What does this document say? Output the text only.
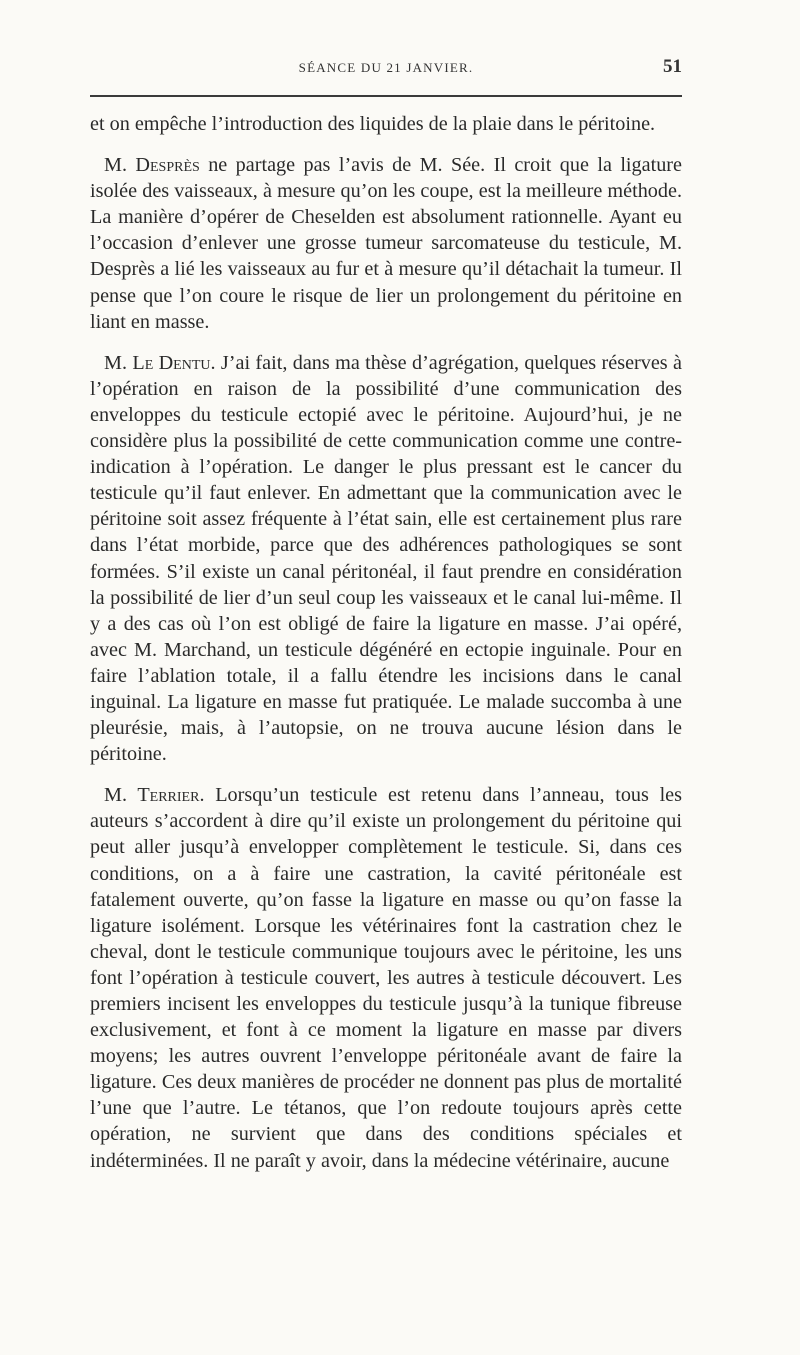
SÉANCE DU 21 JANVIER.	51

et on empêche l’introduction des liquides de la plaie dans le péritoine.

M. Desprès ne partage pas l’avis de M. Sée. Il croit que la ligature isolée des vaisseaux, à mesure qu’on les coupe, est la meilleure méthode. La manière d’opérer de Cheselden est absolument rationnelle. Ayant eu l’occasion d’enlever une grosse tumeur sarcomateuse du testicule, M. Desprès a lié les vaisseaux au fur et à mesure qu’il détachait la tumeur. Il pense que l’on coure le risque de lier un prolongement du péritoine en liant en masse.

M. Le Dentu. J’ai fait, dans ma thèse d’agrégation, quelques réserves à l’opération en raison de la possibilité d’une communication des enveloppes du testicule ectopié avec le péritoine. Aujourd’hui, je ne considère plus la possibilité de cette communication comme une contre-indication à l’opération. Le danger le plus pressant est le cancer du testicule qu’il faut enlever. En admettant que la communication avec le péritoine soit assez fréquente à l’état sain, elle est certainement plus rare dans l’état morbide, parce que des adhérences pathologiques se sont formées. S’il existe un canal péritonéal, il faut prendre en considération la possibilité de lier d’un seul coup les vaisseaux et le canal lui-même. Il y a des cas où l’on est obligé de faire la ligature en masse. J’ai opéré, avec M. Marchand, un testicule dégénéré en ectopie inguinale. Pour en faire l’ablation totale, il a fallu étendre les incisions dans le canal inguinal. La ligature en masse fut pratiquée. Le malade succomba à une pleurésie, mais, à l’autopsie, on ne trouva aucune lésion dans le péritoine.

M. Terrier. Lorsqu’un testicule est retenu dans l’anneau, tous les auteurs s’accordent à dire qu’il existe un prolongement du péritoine qui peut aller jusqu’à envelopper complètement le testicule. Si, dans ces conditions, on a à faire une castration, la cavité péritonéale est fatalement ouverte, qu’on fasse la ligature en masse ou qu’on fasse la ligature isolément. Lorsque les vétérinaires font la castration chez le cheval, dont le testicule communique toujours avec le péritoine, les uns font l’opération à testicule couvert, les autres à testicule découvert. Les premiers incisent les enveloppes du testicule jusqu’à la tunique fibreuse exclusivement, et font à ce moment la ligature en masse par divers moyens; les autres ouvrent l’enveloppe péritonéale avant de faire la ligature. Ces deux manières de procéder ne donnent pas plus de mortalité l’une que l’autre. Le tétanos, que l’on redoute toujours après cette opération, ne survient que dans des conditions spéciales et indéterminées. Il ne paraît y avoir, dans la médecine vétérinaire, aucune
